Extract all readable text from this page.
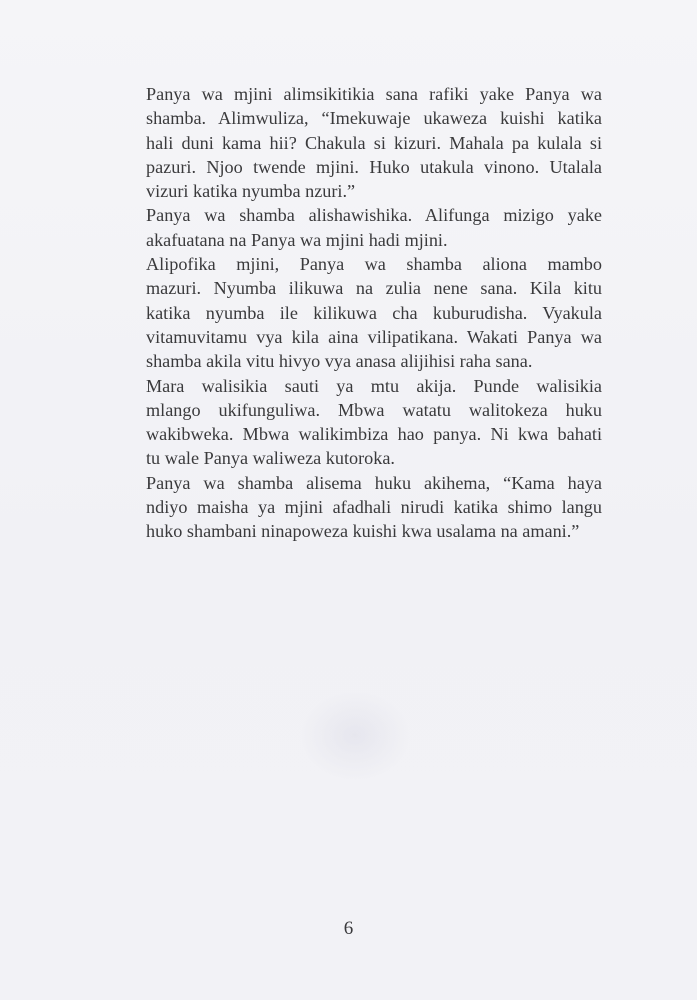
Panya wa mjini alimsikitikia sana rafiki yake Panya wa
shamba. Alimwuliza, “Imekuwaje ukaweza kuishi katika
hali duni kama hii? Chakula si kizuri. Mahala pa kulala si
pazuri. Njoo twende mjini. Huko utakula vinono. Utalala
vizuri katika nyumba nzuri.”

Panya wa shamba alishawishika. Alifunga mizigo yake
akafuatana na Panya wa mjini hadi mjini.

Alipofika mjini, Panya wa shamba aliona mambo
mazuri. Nyumba ilikuwa na zulia nene sana. Kila kitu
katika nyumba ile kilikuwa cha kuburudisha. Vyakula
vitamuvitamu vya kila aina vilipatikana. Wakati Panya wa
shamba akila vitu hivyo vya anasa alijihisi raha sana.

Mara walisikia sauti ya mtu akija. Punde walisikia
mlango ukifunguliwa. Mbwa watatu walitokeza huku
wakibweka. Mbwa walikimbiza hao panya. Ni kwa bahati
tu wale Panya waliweza kutoroka.

Panya wa shamba alisema huku akihema, “Kama haya
ndiyo maisha ya mjini afadhali nirudi katika shimo langu
huko shambani ninapoweza kuishi kwa usalama na amani.”

6
